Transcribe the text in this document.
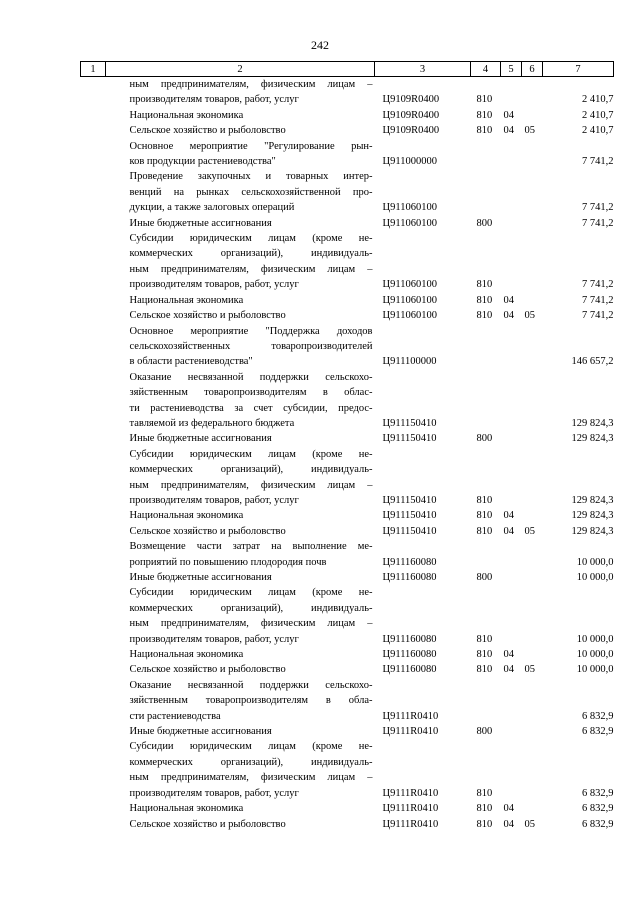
242
1	2	3	4	5	6	7

	ным предпринимателям, физическим лицам –
производителям товаров, работ, услуг	Ц9109R0400	810			2 410,7

	Национальная экономика	Ц9109R0400	810	04		2 410,7

	Сельское хозяйство и рыболовство	Ц9109R0400	810	04	05	2 410,7

	Основное мероприятие "Регулирование рын-
ков продукции растениеводства"	Ц911000000				7 741,2

	Проведение закупочных и товарных интер-
венций на рынках сельскохозяйственной про-
дукции, а также залоговых операций	Ц911060100				7 741,2

	Иные бюджетные ассигнования	Ц911060100	800			7 741,2

	Субсидии юридическим лицам (кроме не-
коммерческих организаций), индивидуаль-
ным предпринимателям, физическим лицам –
производителям товаров, работ, услуг	Ц911060100	810			7 741,2

	Национальная экономика	Ц911060100	810	04		7 741,2

	Сельское хозяйство и рыболовство	Ц911060100	810	04	05	7 741,2

	Основное мероприятие "Поддержка доходов
сельскохозяйственных товаропроизводителей
в области растениеводства"	Ц911100000				146 657,2

	Оказание несвязанной поддержки сельскохо-
зяйственным товаропроизводителям в облас-
ти растениеводства за счет субсидии, предос-
тавляемой из федерального бюджета	Ц911150410				129 824,3

	Иные бюджетные ассигнования	Ц911150410	800			129 824,3

	Субсидии юридическим лицам (кроме не-
коммерческих организаций), индивидуаль-
ным предпринимателям, физическим лицам –
производителям товаров, работ, услуг	Ц911150410	810			129 824,3

	Национальная экономика	Ц911150410	810	04		129 824,3

	Сельское хозяйство и рыболовство	Ц911150410	810	04	05	129 824,3

	Возмещение части затрат на выполнение ме-
роприятий по повышению плодородия почв	Ц911160080				10 000,0

	Иные бюджетные ассигнования	Ц911160080	800			10 000,0

	Субсидии юридическим лицам (кроме не-
коммерческих организаций), индивидуаль-
ным предпринимателям, физическим лицам –
производителям товаров, работ, услуг	Ц911160080	810			10 000,0

	Национальная экономика	Ц911160080	810	04		10 000,0

	Сельское хозяйство и рыболовство	Ц911160080	810	04	05	10 000,0

	Оказание несвязанной поддержки сельскохо-
зяйственным товаропроизводителям в обла-
сти растениеводства	Ц9111R0410				6 832,9

	Иные бюджетные ассигнования	Ц9111R0410	800			6 832,9

	Субсидии юридическим лицам (кроме не-
коммерческих организаций), индивидуаль-
ным предпринимателям, физическим лицам –
производителям товаров, работ, услуг	Ц9111R0410	810			6 832,9

	Национальная экономика	Ц9111R0410	810	04		6 832,9

	Сельское хозяйство и рыболовство	Ц9111R0410	810	04	05	6 832,9
